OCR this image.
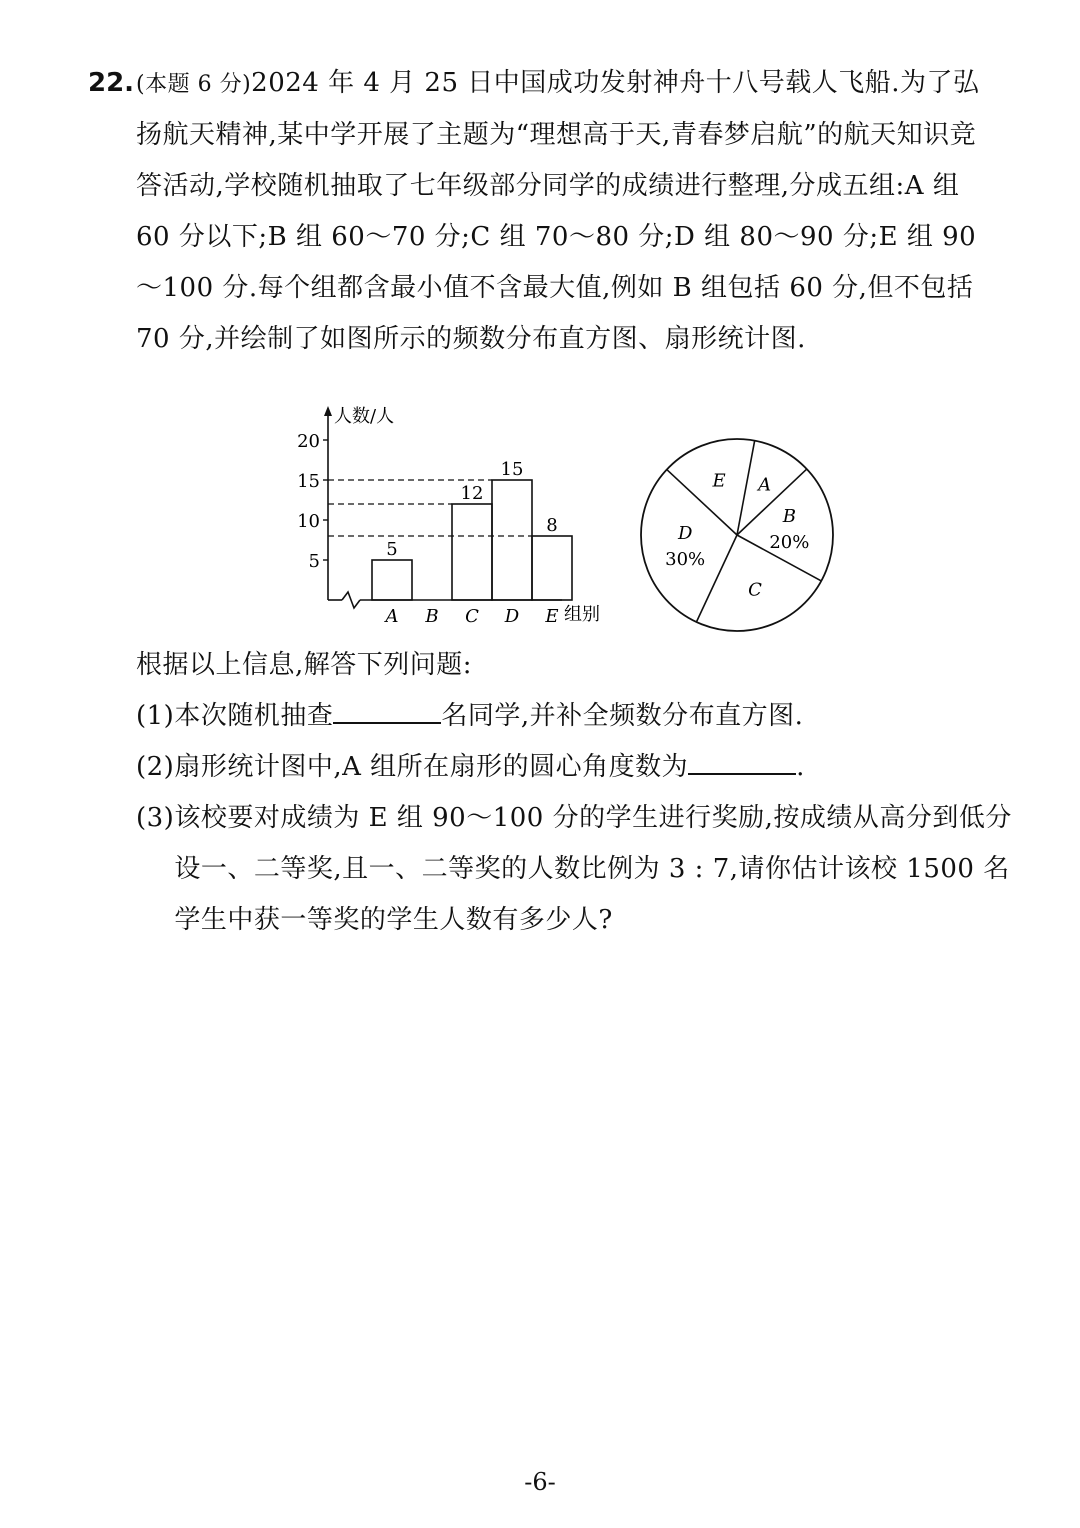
22. (本题 6 分)2024 年 4 月 25 日中国成功发射神舟十八号载人飞船.为了弘扬航天精神,某中学开展了主题为“理想高于天,青春梦启航”的航天知识竞答活动,学校随机抽取了七年级部分同学的成绩进行整理,分成五组:A 组 60 分以下;B 组 60～70 分;C 组 70～80 分;D 组 80～90 分;E 组 90～100 分.每个组都含最小值不含最大值,例如 B 组包括 60 分,但不包括 70 分,并绘制了如图所示的频数分布直方图、扇形统计图.
人数/人
组别
5
10
15
20
A B C D E
5
12
15
8	D
30%
E A
B
20%
C
根据以上信息,解答下列问题:
(1) 本次随机抽查	名同学,并补全频数分布直方图.
(2) 扇形统计图中,A 组所在扇形的圆心角度数为	.
(3) 该校要对成绩为 E 组 90～100 分的学生进行奖励,按成绩从高分到低分设一、二等奖,且一、二等奖的人数比例为 3 : 7,请你估计该校 1500 名学生中获一等奖的学生人数有多少人?
-6-
